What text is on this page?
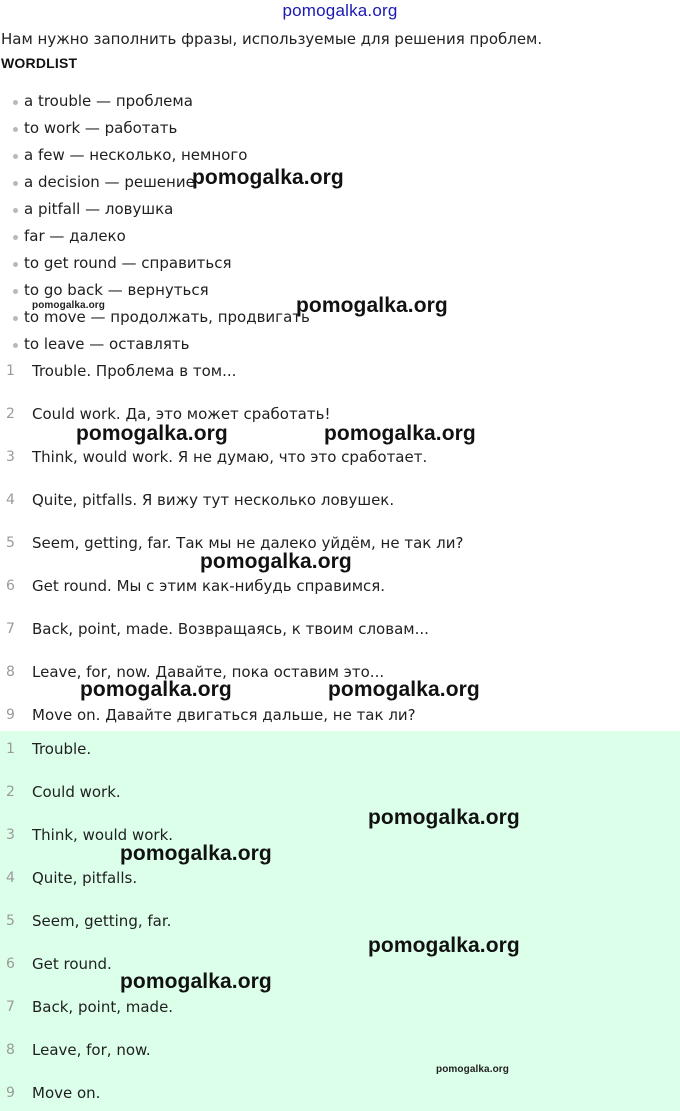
pomogalka.org
Нам нужно заполнить фразы, используемые для решения проблем.
WORDLIST
a trouble — проблема
to work — работать
a few — несколько, немного
a decision — решение
a pitfall — ловушка
far — далеко
to get round — справиться
to go back — вернуться
to move — продолжать, продвигать
to leave — оставлять
1	Trouble. Проблема в том...
2	Could work. Да, это может сработать!
3	Think, would work. Я не думаю, что это сработает.
4	Quite, pitfalls. Я вижу тут несколько ловушек.
5	Seem, getting, far. Так мы не далеко уйдём, не так ли?
6	Get round. Мы с этим как-нибудь справимся.
7	Back, point, made. Возвращаясь, к твоим словам...
8	Leave, for, now. Давайте, пока оставим это...
9	Move on. Давайте двигаться дальше, не так ли?
1	Trouble.
2	Could work.
3	Think, would work.
4	Quite, pitfalls.
5	Seem, getting, far.
6	Get round.
7	Back, point, made.
8	Leave, for, now.
9	Move on.
pomogalka.org
pomogalka.org	pomogalka.org
pomogalka.org	pomogalka.org
pomogalka.org
pomogalka.org	pomogalka.org
pomogalka.org
pomogalka.org
pomogalka.org
pomogalka.org
pomogalka.org
